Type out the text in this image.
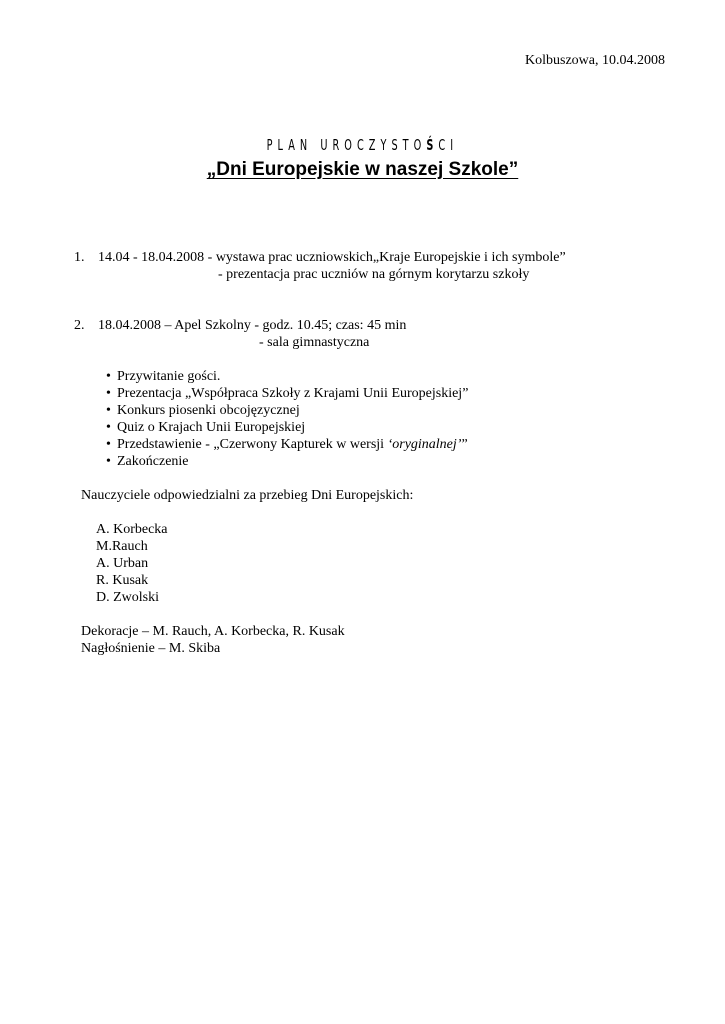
Kolbuszowa, 10.04.2008
PLAN UROCZYSTOŚCI
„Dni Europejskie w naszej Szkole”
1. 14.04 - 18.04.2008 - wystawa prac uczniowskich„Kraje Europejskie i ich symbole”
- prezentacja prac uczniów na górnym korytarzu szkoły
2. 18.04.2008 – Apel Szkolny - godz. 10.45; czas: 45 min
- sala gimnastyczna
• Przywitanie gości.
• Prezentacja „Współpraca Szkoły z Krajami Unii Europejskiej”
• Konkurs piosenki obcojęzycznej
• Quiz o Krajach Unii Europejskiej
• Przedstawienie - „Czerwony Kapturek w wersji ‘oryginalnej’”
• Zakończenie
Nauczyciele odpowiedzialni za przebieg Dni Europejskich:
A. Korbecka
M.Rauch
A. Urban
R. Kusak
D. Zwolski
Dekoracje – M. Rauch, A. Korbecka, R. Kusak
Nagłośnienie – M. Skiba
